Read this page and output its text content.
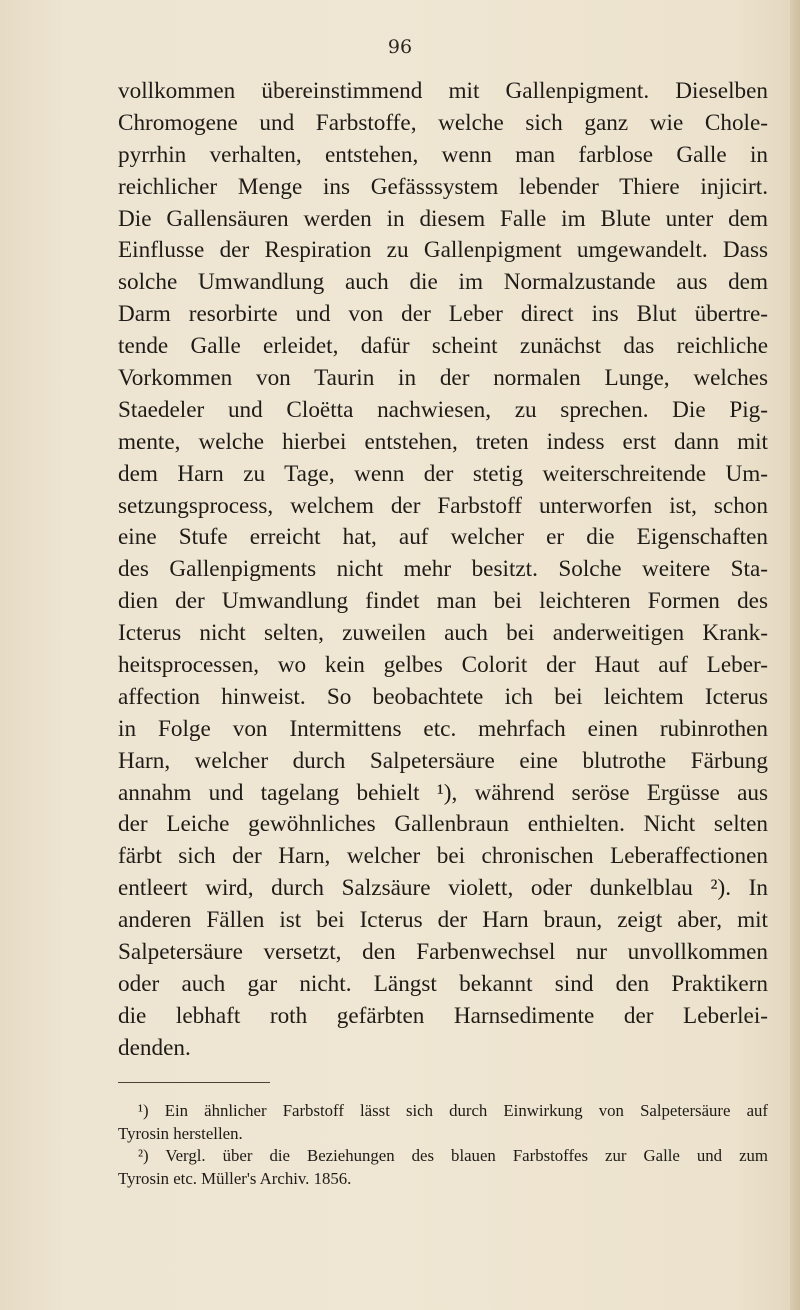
96
vollkommen übereinstimmend mit Gallenpigment. Dieselben
Chromogene und Farbstoffe, welche sich ganz wie Chole-
pyrrhin verhalten, entstehen, wenn man farblose Galle in
reichlicher Menge ins Gefässsystem lebender Thiere injicirt.
Die Gallensäuren werden in diesem Falle im Blute unter dem
Einflusse der Respiration zu Gallenpigment umgewandelt. Dass
solche Umwandlung auch die im Normalzustande aus dem
Darm resorbirte und von der Leber direct ins Blut übertre-
tende Galle erleidet, dafür scheint zunächst das reichliche
Vorkommen von Taurin in der normalen Lunge, welches
Staedeler und Cloëtta nachwiesen, zu sprechen. Die Pig-
mente, welche hierbei entstehen, treten indess erst dann mit
dem Harn zu Tage, wenn der stetig weiterschreitende Um-
setzungsprocess, welchem der Farbstoff unterworfen ist, schon
eine Stufe erreicht hat, auf welcher er die Eigenschaften
des Gallenpigments nicht mehr besitzt. Solche weitere Sta-
dien der Umwandlung findet man bei leichteren Formen des
Icterus nicht selten, zuweilen auch bei anderweitigen Krank-
heitsprocessen, wo kein gelbes Colorit der Haut auf Leber-
affection hinweist. So beobachtete ich bei leichtem Icterus
in Folge von Intermittens etc. mehrfach einen rubinrothen
Harn, welcher durch Salpetersäure eine blutrothe Färbung
annahm und tagelang behielt ¹), während seröse Ergüsse aus
der Leiche gewöhnliches Gallenbraun enthielten. Nicht selten
färbt sich der Harn, welcher bei chronischen Leberaffectionen
entleert wird, durch Salzsäure violett, oder dunkelblau ²). In
anderen Fällen ist bei Icterus der Harn braun, zeigt aber, mit
Salpetersäure versetzt, den Farbenwechsel nur unvollkommen
oder auch gar nicht. Längst bekannt sind den Praktikern
die lebhaft roth gefärbten Harnsedimente der Leberlei-
denden.
¹) Ein ähnlicher Farbstoff lässt sich durch Einwirkung von Salpetersäure auf
Tyrosin herstellen.
²) Vergl. über die Beziehungen des blauen Farbstoffes zur Galle und zum
Tyrosin etc. Müller's Archiv. 1856.
